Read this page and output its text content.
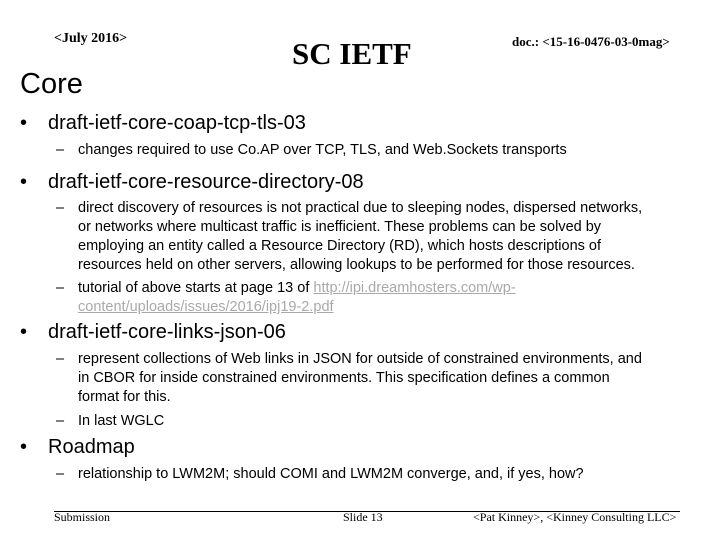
<July 2016>	SC IETF	doc.: <15-16-0476-03-0mag>
Core
• draft-ietf-core-coap-tcp-tls-03
– changes required to use Co.AP over TCP, TLS, and Web.Sockets transports
• draft-ietf-core-resource-directory-08
– direct discovery of resources is not practical due to sleeping nodes, dispersed networks,
or networks where multicast traffic is inefficient. These problems can be solved by
employing an entity called a Resource Directory (RD), which hosts descriptions of
resources held on other servers, allowing lookups to be performed for those resources.
– tutorial of above starts at page 13 of http://ipi.dreamhosters.com/wp-
content/uploads/issues/2016/ipj19-2.pdf
• draft-ietf-core-links-json-06
– represent collections of Web links in JSON for outside of constrained environments, and
in CBOR for inside constrained environments. This specification defines a common
format for this.
– In last WGLC
• Roadmap
– relationship to LWM2M; should COMI and LWM2M converge, and, if yes, how?
Submission	Slide 13	<Pat Kinney>, <Kinney Consulting LLC>
